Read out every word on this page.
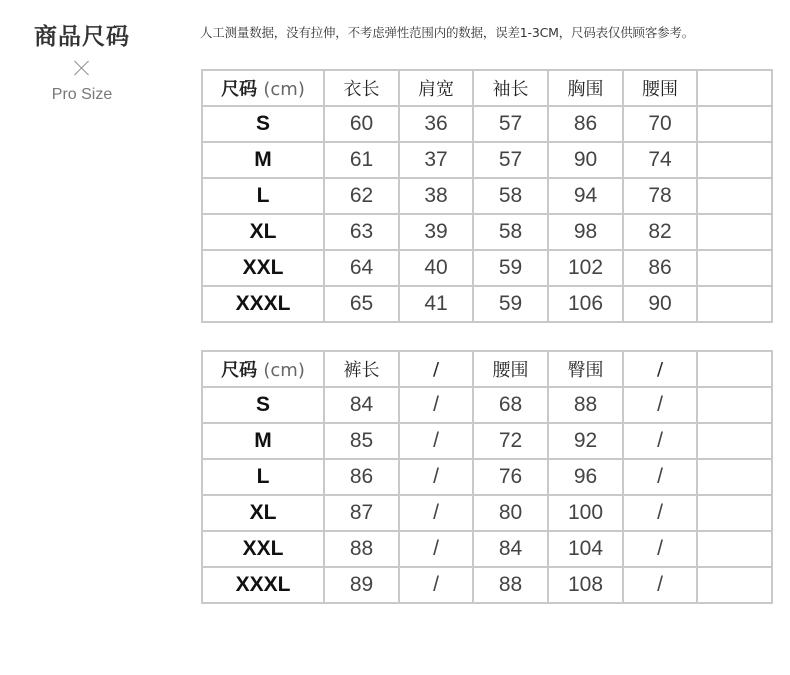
商品尺码
Pro Size
人工测量数据，没有拉伸，不考虑弹性范围内的数据，误差1-3CM，尺码表仅供顾客参考。
尺码 (cm)	衣长	肩宽	袖长	胸围	腰围	
S	60	36	57	86	70	
M	61	37	57	90	74	
L	62	38	58	94	78	
XL	63	39	58	98	82	
XXL	64	40	59	102	86	
XXXL	65	41	59	106	90	
尺码 (cm)	裤长	/	腰围	臀围	/	
S	84	/	68	88	/	
M	85	/	72	92	/	
L	86	/	76	96	/	
XL	87	/	80	100	/	
XXL	88	/	84	104	/	
XXXL	89	/	88	108	/	
